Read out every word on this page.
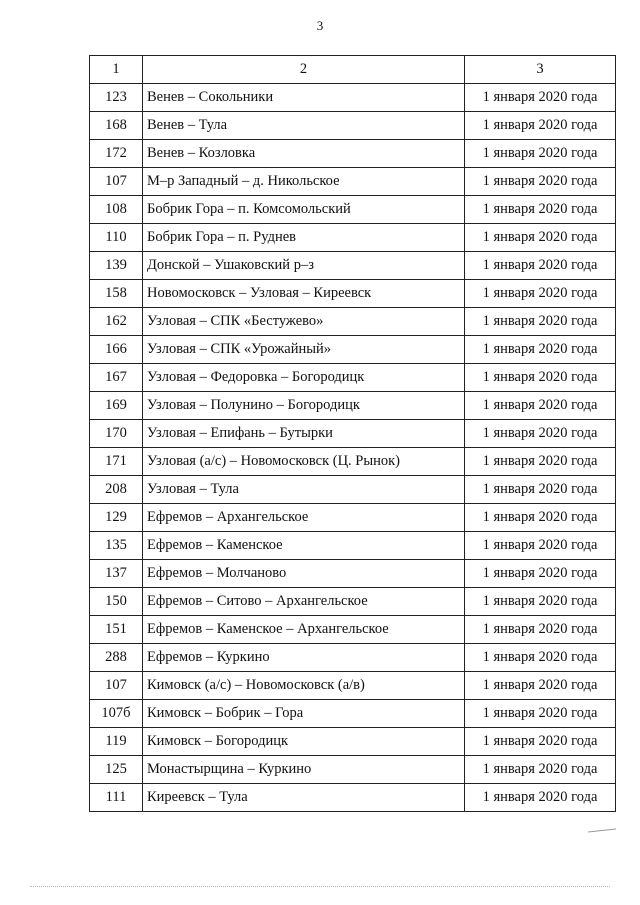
3
1	2	3
123	Венев – Сокольники	1 января 2020 года
168	Венев – Тула	1 января 2020 года
172	Венев – Козловка	1 января 2020 года
107	М–р Западный – д. Никольское	1 января 2020 года
108	Бобрик Гора – п. Комсомольский	1 января 2020 года
110	Бобрик Гора – п. Руднев	1 января 2020 года
139	Донской – Ушаковский р–з	1 января 2020 года
158	Новомосковск – Узловая – Киреевск	1 января 2020 года
162	Узловая – СПК «Бестужево»	1 января 2020 года
166	Узловая – СПК «Урожайный»	1 января 2020 года
167	Узловая – Федоровка – Богородицк	1 января 2020 года
169	Узловая – Полунино – Богородицк	1 января 2020 года
170	Узловая – Епифань – Бутырки	1 января 2020 года
171	Узловая (а/с) – Новомосковск (Ц. Рынок)	1 января 2020 года
208	Узловая – Тула	1 января 2020 года
129	Ефремов – Архангельское	1 января 2020 года
135	Ефремов – Каменское	1 января 2020 года
137	Ефремов – Молчаново	1 января 2020 года
150	Ефремов – Ситово – Архангельское	1 января 2020 года
151	Ефремов – Каменское – Архангельское	1 января 2020 года
288	Ефремов – Куркино	1 января 2020 года
107	Кимовск (а/с) – Новомосковск (а/в)	1 января 2020 года
107б	Кимовск – Бобрик – Гора	1 января 2020 года
119	Кимовск – Богородицк	1 января 2020 года
125	Монастырщина – Куркино	1 января 2020 года
111	Киреевск – Тула	1 января 2020 года
